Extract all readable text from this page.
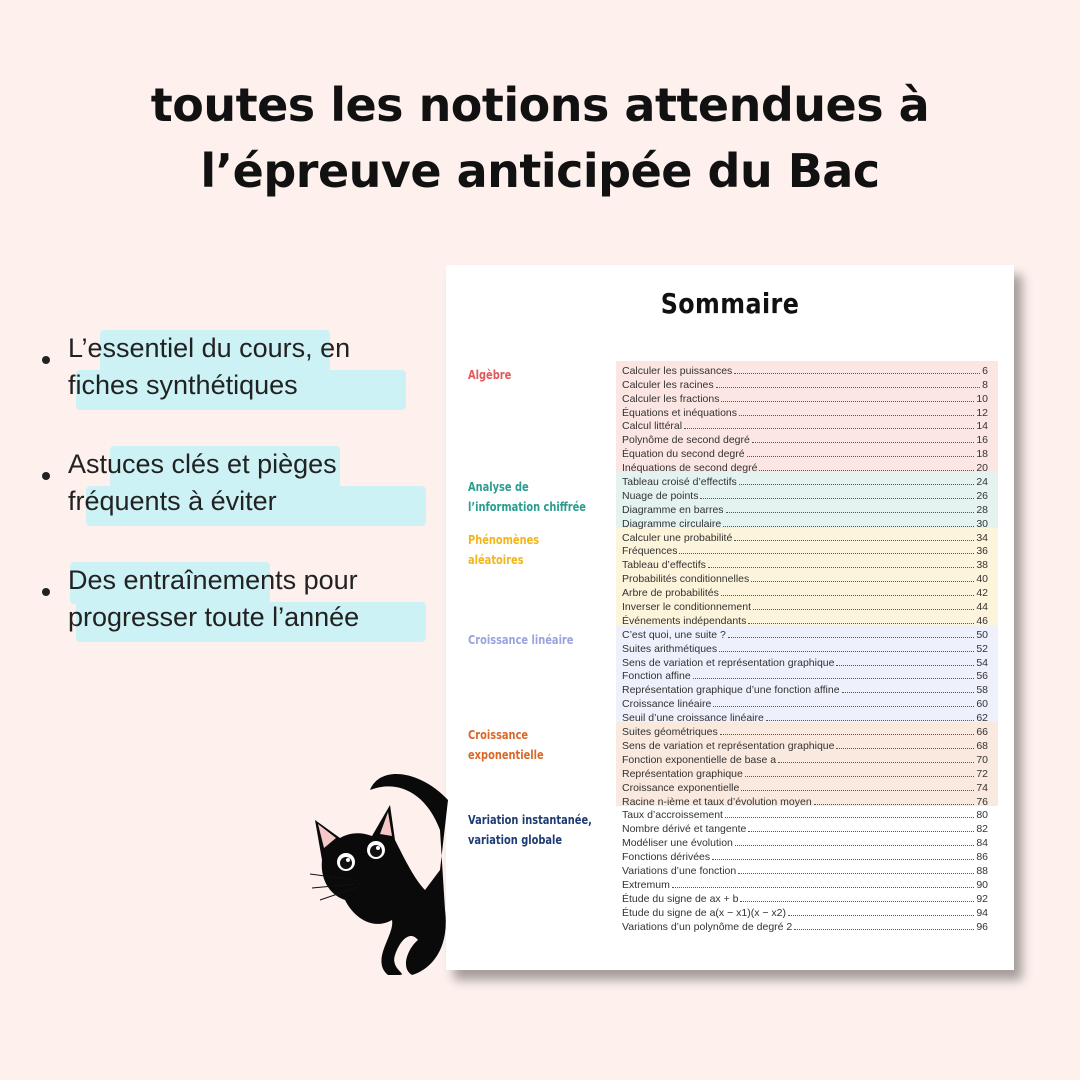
toutes les notions attendues à
l’épreuve anticipée du Bac
L’essentiel du cours, en
fiches synthétiques
Astuces clés et pièges
fréquents à éviter
Des entraînements pour
progresser toute l’année
Sommaire
Algèbre
Analyse de
l’information chiffrée
Phénomènes
aléatoires
Croissance linéaire
Croissance
exponentielle
Variation instantanée,
variation globale
Calculer les puissances	6
Calculer les racines	8
Calculer les fractions	10
Équations et inéquations	12
Calcul littéral	14
Polynôme de second degré	16
Équation du second degré	18
Inéquations de second degré	20
Tableau croisé d’effectifs	24
Nuage de points	26
Diagramme en barres	28
Diagramme circulaire	30
Calculer une probabilité	34
Fréquences	36
Tableau d’effectifs	38
Probabilités conditionnelles	40
Arbre de probabilités	42
Inverser le conditionnement	44
Événements indépendants	46
C’est quoi, une suite ?	50
Suites arithmétiques	52
Sens de variation et représentation graphique	54
Fonction affine	56
Représentation graphique d’une fonction affine	58
Croissance linéaire	60
Seuil d’une croissance linéaire	62
Suites géométriques	66
Sens de variation et représentation graphique	68
Fonction exponentielle de base a	70
Représentation graphique	72
Croissance exponentielle	74
Racine n-ième et taux d’évolution moyen	76
Taux d’accroissement	80
Nombre dérivé et tangente	82
Modéliser une évolution	84
Fonctions dérivées	86
Variations d’une fonction	88
Extremum	90
Étude du signe de ax + b	92
Étude du signe de a(x − x1)(x − x2)	94
Variations d’un polynôme de degré 2	96
